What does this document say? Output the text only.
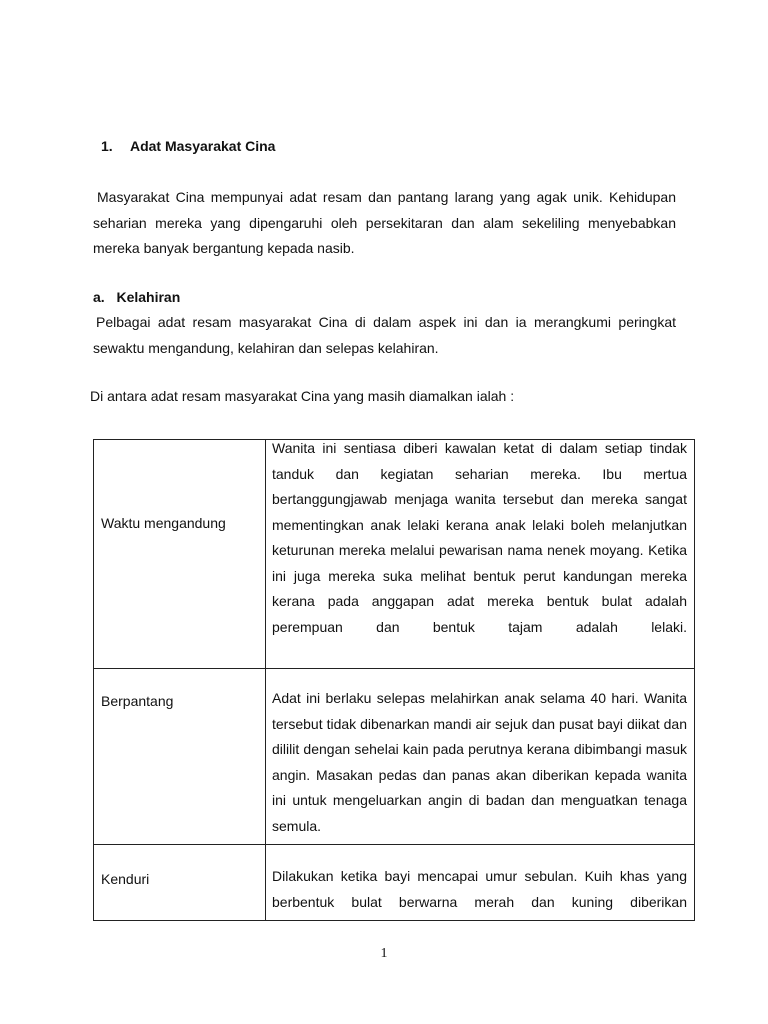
1. Adat Masyarakat Cina
Masyarakat Cina mempunyai adat resam dan pantang larang yang agak unik. Kehidupan seharian mereka yang dipengaruhi oleh persekitaran dan alam sekeliling menyebabkan mereka banyak bergantung kepada nasib.
a. Kelahiran
Pelbagai adat resam masyarakat Cina di dalam aspek ini dan ia merangkumi peringkat sewaktu mengandung, kelahiran dan selepas kelahiran.
Di antara adat resam masyarakat Cina yang masih diamalkan ialah :
Waktu mengandung	Wanita ini sentiasa diberi kawalan ketat di dalam setiap tindak tanduk dan kegiatan seharian mereka. Ibu mertua bertanggungjawab menjaga wanita tersebut dan mereka sangat mementingkan anak lelaki kerana anak lelaki boleh melanjutkan keturunan mereka melalui pewarisan nama nenek moyang. Ketika ini juga mereka suka melihat bentuk perut kandungan mereka kerana pada anggapan adat mereka bentuk bulat adalah perempuan dan bentuk tajam adalah lelaki.

Berpantang	Adat ini berlaku selepas melahirkan anak selama 40 hari. Wanita tersebut tidak dibenarkan mandi air sejuk dan pusat bayi diikat dan dililit dengan sehelai kain pada perutnya kerana dibimbangi masuk angin. Masakan pedas dan panas akan diberikan kepada wanita ini untuk mengeluarkan angin di badan dan menguatkan tenaga semula.

Kenduri	Dilakukan ketika bayi mencapai umur sebulan. Kuih khas yang berbentuk bulat berwarna merah dan kuning diberikan
1
